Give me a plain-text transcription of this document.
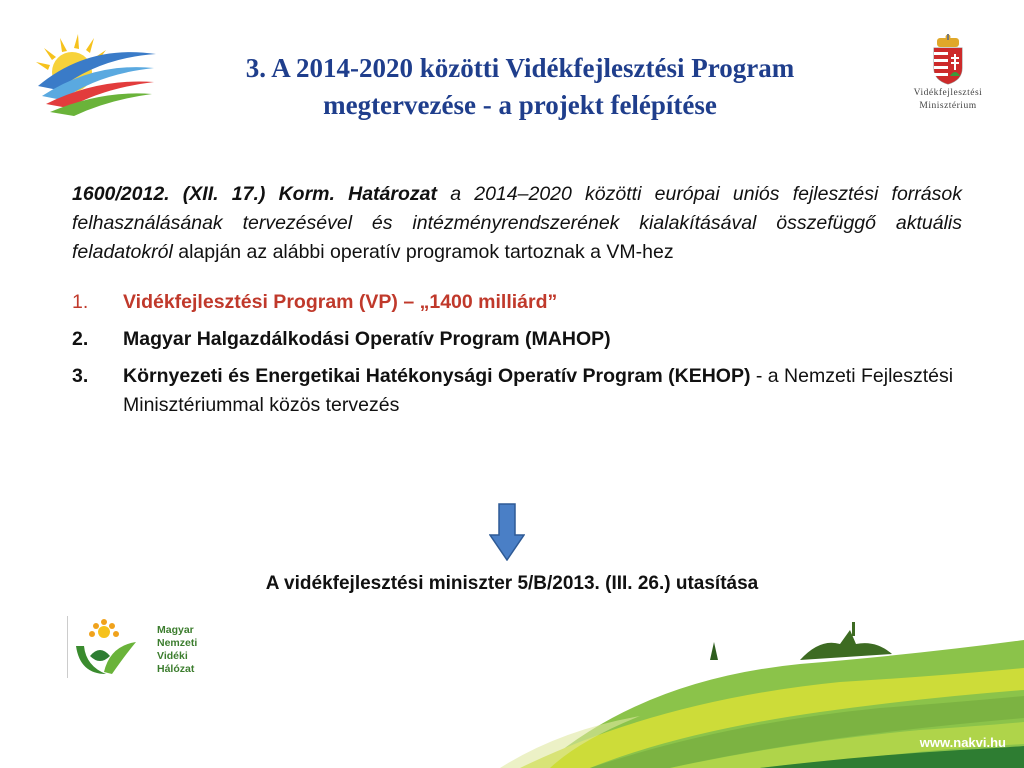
3. A 2014-2020 közötti Vidékfejlesztési Program
megtervezése - a projekt felépítése	Vidékfejlesztési
Minisztérium

1600/2012. (XII. 17.) Korm. Határozat a 2014–2020 közötti európai uniós fejlesztési források felhasználásának tervezésével és intézményrendszerének kialakításával összefüggő aktuális feladatokról alapján az alábbi operatív programok tartoznak a VM-hez

1. Vidékfejlesztési Program (VP) – „1400 milliárd”
2. Magyar Halgazdálkodási Operatív Program (MAHOP)
3. Környezeti és Energetikai Hatékonysági Operatív Program (KEHOP) - a Nemzeti Fejlesztési Minisztériummal közös tervezés
A vidékfejlesztési miniszter 5/B/2013. (III. 26.) utasítása
Magyar
Nemzeti
Vidéki
Hálózat
www.nakvi.hu
